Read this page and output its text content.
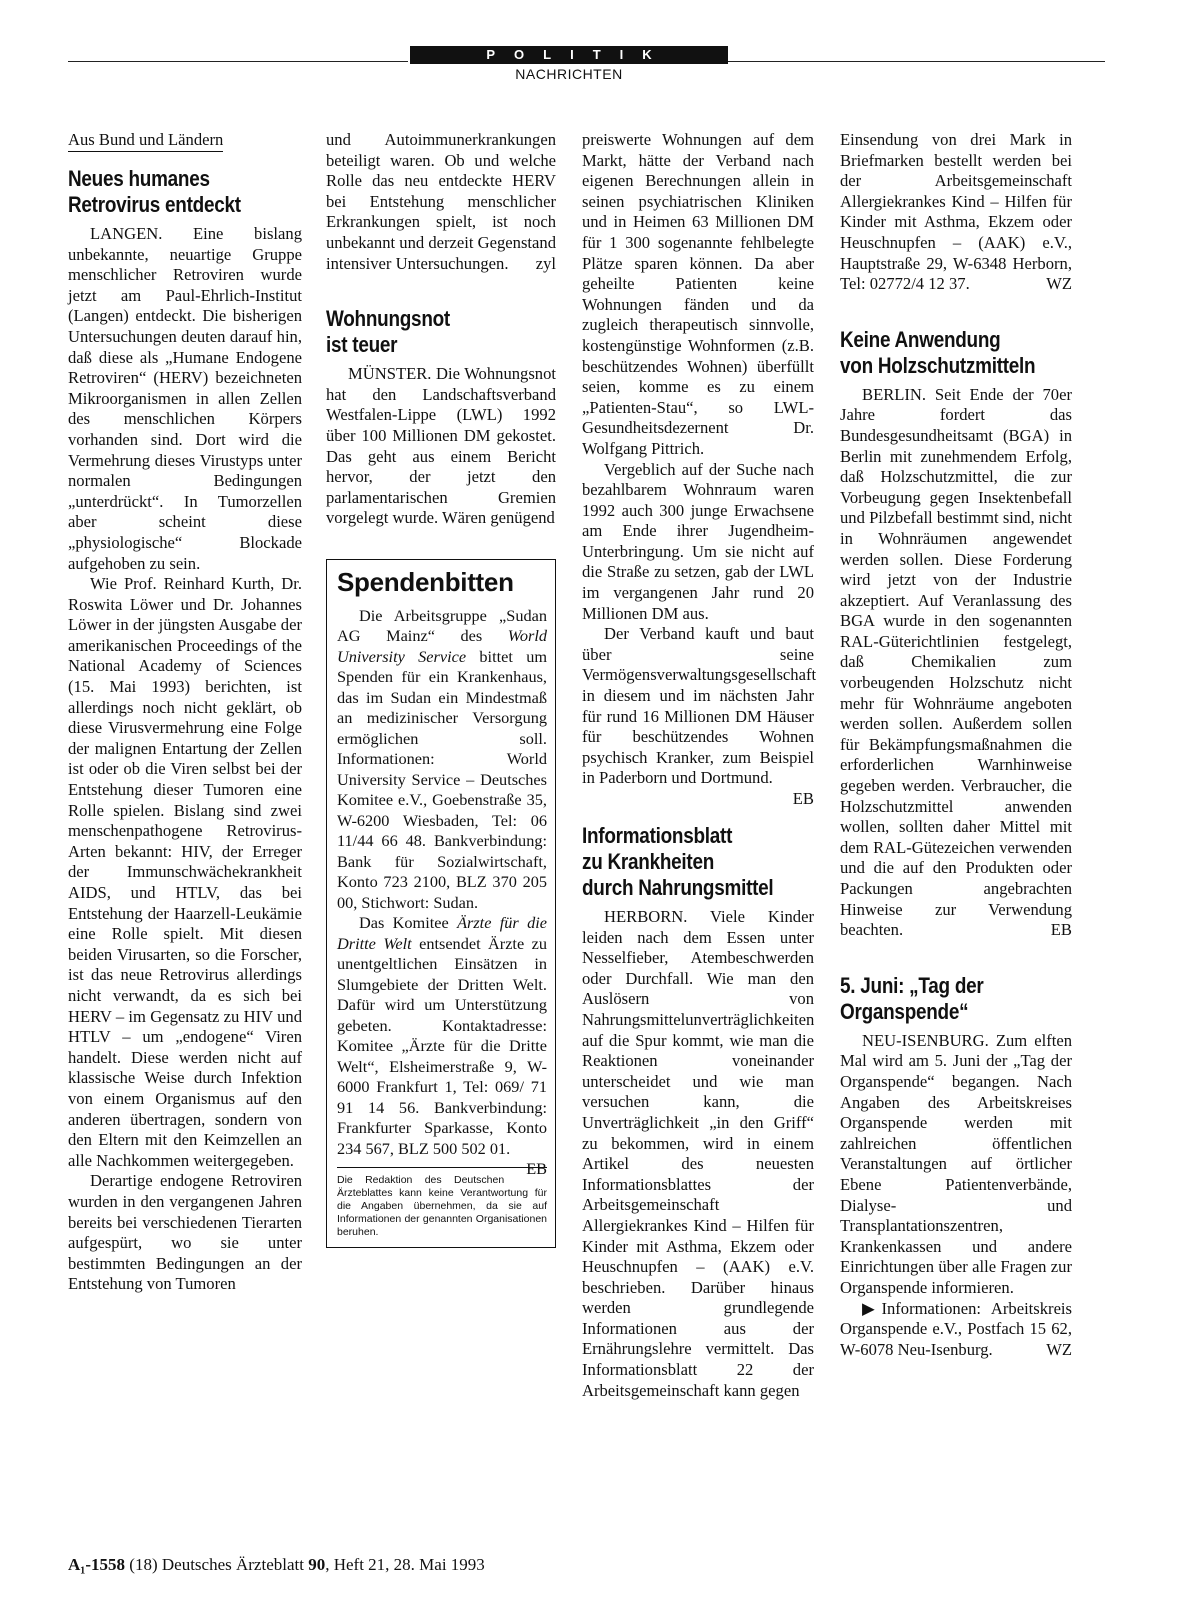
POLITIK
NACHRICHTEN
Aus Bund und Ländern
Neues humanes
Retrovirus entdeckt

LANGEN. Eine bislang unbekannte, neuartige Gruppe menschlicher Retroviren wurde jetzt am Paul-Ehrlich-Institut (Langen) entdeckt. Die bisherigen Untersuchungen deuten darauf hin, daß diese als „Humane Endogene Retroviren“ (HERV) bezeichneten Mikroorganismen in allen Zellen des menschlichen Körpers vorhanden sind. Dort wird die Vermehrung dieses Virustyps unter normalen Bedingungen „unterdrückt“. In Tumorzellen aber scheint diese „physiologische“ Blockade aufgehoben zu sein.

Wie Prof. Reinhard Kurth, Dr. Roswita Löwer und Dr. Johannes Löwer in der jüngsten Ausgabe der amerikanischen Proceedings of the National Academy of Sciences (15. Mai 1993) berichten, ist allerdings noch nicht geklärt, ob diese Virusvermehrung eine Folge der malignen Entartung der Zellen ist oder ob die Viren selbst bei der Entstehung dieser Tumoren eine Rolle spielen. Bislang sind zwei menschenpathogene Retrovirus-Arten bekannt: HIV, der Erreger der Immunschwächekrankheit AIDS, und HTLV, das bei Entstehung der Haarzell-Leukämie eine Rolle spielt. Mit diesen beiden Virusarten, so die Forscher, ist das neue Retrovirus allerdings nicht verwandt, da es sich bei HERV – im Gegensatz zu HIV und HTLV – um „endogene“ Viren handelt. Diese werden nicht auf klassische Weise durch Infektion von einem Organismus auf den anderen übertragen, sondern von den Eltern mit den Keimzellen an alle Nachkommen weitergegeben.

Derartige endogene Retroviren wurden in den vergangenen Jahren bereits bei verschiedenen Tierarten aufgespürt, wo sie unter bestimmten Bedingungen an der Entstehung von Tumoren

und Autoimmunerkrankungen beteiligt waren. Ob und welche Rolle das neu entdeckte HERV bei Entstehung menschlicher Erkrankungen spielt, ist noch unbekannt und derzeit Gegenstand intensiver Untersuchungen. zyl

Wohnungsnot
ist teuer

MÜNSTER. Die Wohnungsnot hat den Landschaftsverband Westfalen-Lippe (LWL) 1992 über 100 Millionen DM gekostet. Das geht aus einem Bericht hervor, der jetzt den parlamentarischen Gremien vorgelegt wurde. Wären genügend

Spendenbitten

Die Arbeitsgruppe „Sudan AG Mainz“ des World University Service bittet um Spenden für ein Krankenhaus, das im Sudan ein Mindestmaß an medizinischer Versorgung ermöglichen soll. Informationen: World University Service – Deutsches Komitee e.V., Goebenstraße 35, W-6200 Wiesbaden, Tel: 06 11/44 66 48. Bankverbindung: Bank für Sozialwirtschaft, Konto 723 2100, BLZ 370 205 00, Stichwort: Sudan.

Das Komitee Ärzte für die Dritte Welt entsendet Ärzte zu unentgeltlichen Einsätzen in Slumgebiete der Dritten Welt. Dafür wird um Unterstützung gebeten. Kontaktadresse: Komitee „Ärzte für die Dritte Welt“, Elsheimerstraße 9, W-6000 Frankfurt 1, Tel: 069/ 71 91 14 56. Bankverbindung: Frankfurter Sparkasse, Konto 234 567, BLZ 500 502 01.
EB

Die Redaktion des Deutschen Ärzteblattes kann keine Verantwortung für die Angaben übernehmen, da sie auf Informationen der genannten Organisationen beruhen.

preiswerte Wohnungen auf dem Markt, hätte der Verband nach eigenen Berechnungen allein in seinen psychiatrischen Kliniken und in Heimen 63 Millionen DM für 1 300 sogenannte fehlbelegte Plätze sparen können. Da aber geheilte Patienten keine Wohnungen fänden und da zugleich therapeutisch sinnvolle, kostengünstige Wohnformen (z.B. beschützendes Wohnen) überfüllt seien, komme es zu einem „Patienten-Stau“, so LWL-Gesundheitsdezernent Dr. Wolfgang Pittrich.

Vergeblich auf der Suche nach bezahlbarem Wohnraum waren 1992 auch 300 junge Erwachsene am Ende ihrer Jugendheim-Unterbringung. Um sie nicht auf die Straße zu setzen, gab der LWL im vergangenen Jahr rund 20 Millionen DM aus.

Der Verband kauft und baut über seine Vermögensverwaltungsgesellschaft in diesem und im nächsten Jahr für rund 16 Millionen DM Häuser für beschützendes Wohnen psychisch Kranker, zum Beispiel in Paderborn und Dortmund.
EB

Informationsblatt
zu Krankheiten
durch Nahrungsmittel

HERBORN. Viele Kinder leiden nach dem Essen unter Nesselfieber, Atembeschwerden oder Durchfall. Wie man den Auslösern von Nahrungsmittelunverträglichkeiten auf die Spur kommt, wie man die Reaktionen voneinander unterscheidet und wie man versuchen kann, die Unverträglichkeit „in den Griff“ zu bekommen, wird in einem Artikel des neuesten Informationsblattes der Arbeitsgemeinschaft Allergiekrankes Kind – Hilfen für Kinder mit Asthma, Ekzem oder Heuschnupfen – (AAK) e.V. beschrieben. Darüber hinaus werden grundlegende Informationen aus der Ernährungslehre vermittelt. Das Informationsblatt 22 der Arbeitsgemeinschaft kann gegen

Einsendung von drei Mark in Briefmarken bestellt werden bei der Arbeitsgemeinschaft Allergiekrankes Kind – Hilfen für Kinder mit Asthma, Ekzem oder Heuschnupfen – (AAK) e.V., Hauptstraße 29, W-6348 Herborn, Tel: 02772/4 12 37.	WZ

Keine Anwendung
von Holzschutzmitteln

BERLIN. Seit Ende der 70er Jahre fordert das Bundesgesundheitsamt (BGA) in Berlin mit zunehmendem Erfolg, daß Holzschutzmittel, die zur Vorbeugung gegen Insektenbefall und Pilzbefall bestimmt sind, nicht in Wohnräumen angewendet werden sollen. Diese Forderung wird jetzt von der Industrie akzeptiert. Auf Veranlassung des BGA wurde in den sogenannten RAL-Güterichtlinien festgelegt, daß Chemikalien zum vorbeugenden Holzschutz nicht mehr für Wohnräume angeboten werden sollen. Außerdem sollen für Bekämpfungsmaßnahmen die erforderlichen Warnhinweise gegeben werden. Verbraucher, die Holzschutzmittel anwenden wollen, sollten daher Mittel mit dem RAL-Gütezeichen verwenden und die auf den Produkten oder Packungen angebrachten Hinweise zur Verwendung beachten.	EB

5. Juni: „Tag der
Organspende“

NEU-ISENBURG. Zum elften Mal wird am 5. Juni der „Tag der Organspende“ begangen. Nach Angaben des Arbeitskreises Organspende werden mit zahlreichen öffentlichen Veranstaltungen auf örtlicher Ebene Patientenverbände, Dialyse- und Transplantationszentren, Krankenkassen und andere Einrichtungen über alle Fragen zur Organspende informieren.

▶Informationen: Arbeitskreis Organspende e.V., Postfach 15 62, W-6078 Neu-Isenburg.	WZ

A₁-1558 (18) Deutsches Ärzteblatt 90, Heft 21, 28. Mai 1993
